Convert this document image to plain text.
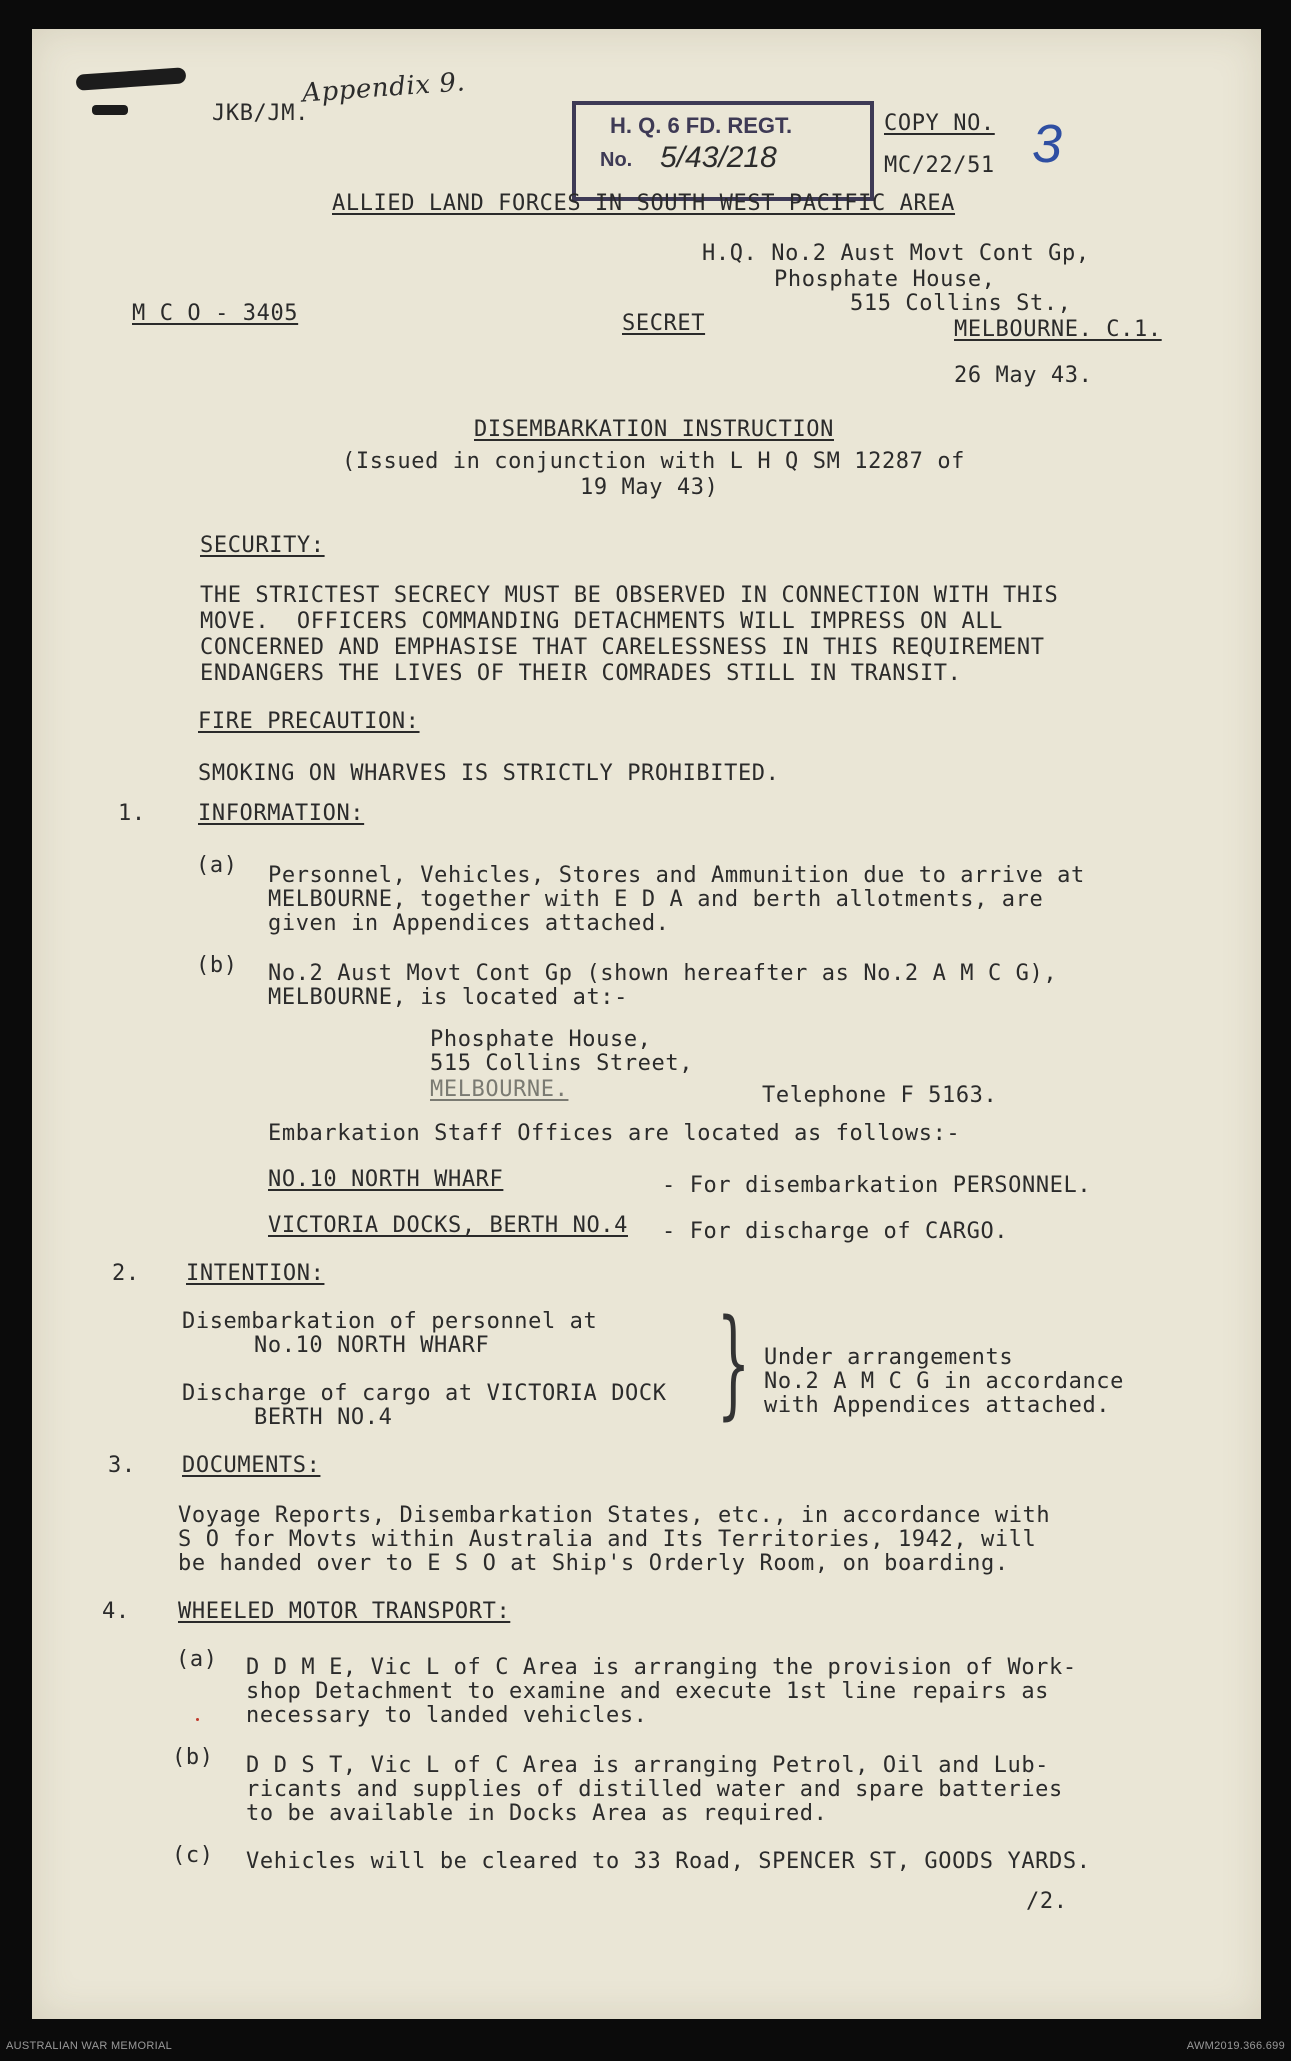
JKB/JM.
Appendix 9.
H. Q. 6 FD. REGT.
No. 5/43/218
COPY NO. 3
MC/22/51
ALLIED LAND FORCES IN SOUTH WEST PACIFIC AREA
H.Q. No.2 Aust Movt Cont Gp,
Phosphate House,
515 Collins St.,
MELBOURNE. C.1.
M C O - 3405	SECRET
26 May 43.
DISEMBARKATION INSTRUCTION
(Issued in conjunction with L H Q SM 12287 of
19 May 43)
SECURITY:
THE STRICTEST SECRECY MUST BE OBSERVED IN CONNECTION WITH THIS
MOVE.  OFFICERS COMMANDING DETACHMENTS WILL IMPRESS ON ALL
CONCERNED AND EMPHASISE THAT CARELESSNESS IN THIS REQUIREMENT
ENDANGERS THE LIVES OF THEIR COMRADES STILL IN TRANSIT.
FIRE PRECAUTION:
SMOKING ON WHARVES IS STRICTLY PROHIBITED.
1. INFORMATION:
(a) Personnel, Vehicles, Stores and Ammunition due to arrive at
MELBOURNE, together with E D A and berth allotments, are
given in Appendices attached.
(b) No.2 Aust Movt Cont Gp (shown hereafter as No.2 A M C G),
MELBOURNE, is located at:-
Phosphate House,
515 Collins Street,
MELBOURNE.	Telephone F 5163.
Embarkation Staff Offices are located as follows:-
NO.10 NORTH WHARF	- For disembarkation PERSONNEL.
VICTORIA DOCKS, BERTH NO.4 - For discharge of CARGO.
2. INTENTION:
Disembarkation of personnel at
No.10 NORTH WHARF
Discharge of cargo at VICTORIA DOCK
BERTH NO.4	} Under arrangements
No.2 A M C G in accordance
with Appendices attached.
3. DOCUMENTS:
Voyage Reports, Disembarkation States, etc., in accordance with
S O for Movts within Australia and Its Territories, 1942, will
be handed over to E S O at Ship's Orderly Room, on boarding.
4. WHEELED MOTOR TRANSPORT:
(a) D D M E, Vic L of C Area is arranging the provision of Work-
shop Detachment to examine and execute 1st line repairs as
necessary to landed vehicles.
(b) D D S T, Vic L of C Area is arranging Petrol, Oil and Lub-
ricants and supplies of distilled water and spare batteries
to be available in Docks Area as required.
(c) Vehicles will be cleared to 33 Road, SPENCER ST, GOODS YARDS.
/2.
AUSTRALIAN WAR MEMORIAL	AWM2019.366.699
